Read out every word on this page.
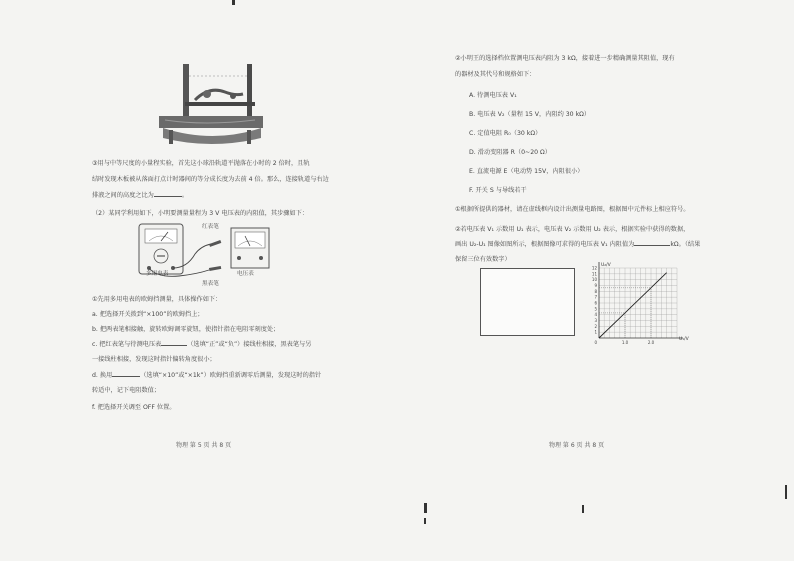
③用与中等尺度的小量程实验，首先这小球沿轨道平抛落在小时的 2 倍时，且轨
结时发现木板被从落面打点计时器间的等分成长度为去前 4 倍。那么，连接轨道与右边
排液之间的高度之比为	。
（2）某同学利用如下，小明要测量量程为 3 V 电压表的内阻值，其步骤如下：
红表笔
黑表笔
多用电表	电压表
①先用多用电表的欧姆挡测量，具体操作如下：
a. 把选择开关拨到“×100”的欧姆挡上；
b. 把两表笔相接触，旋转欧姆调零旋钮，使指针指在电阻零刻度处；
c. 把红表笔与待测电压表	（选填“正”或“负”）接线柱相接，黑表笔与另
一接线柱相接，发现这时指针偏转角度很小；
d. 换用	（选填“×10”或“×1k”）欧姆挡重新调零后测量，发现这时的指针
转适中，记下电阻数值；
f. 把选择开关调至 OFF 位置。
物理 第 5 页 共 8 页
②小明王的选择档位置测电压表内阻为 3 kΩ，接着进一步精确测量其阻值，现有
的器材及其代号和规格如下：
A. 待测电压表 V₁
B. 电压表 V₂（量程 15 V，内阻约 30 kΩ）
C. 定值电阻 R₀（30 kΩ）
D. 滑动变阻器 R（0~20 Ω）
E. 直流电源 E（电动势 15V，内阻很小）
F. 开关 S 与导线若干
①根据所提供的器材，请在虚线框内设计出测量电路图，根据图中元件标上相应符号。
②若电压表 V₁ 示数用 U₁ 表示，电压表 V₂ 示数用 U₂ 表示，根据实验中获得的数据，
画出 U₂-U₁ 图像如图所示，根据图像可求得的电压表 V₁ 内阻值为	kΩ。（结果
保留三位有效数字）
1
2
3
4
5
6
7
8
9
10
11
12
1.0	2.0
0
U₂/V
U₁/V
物理 第 6 页 共 8 页
